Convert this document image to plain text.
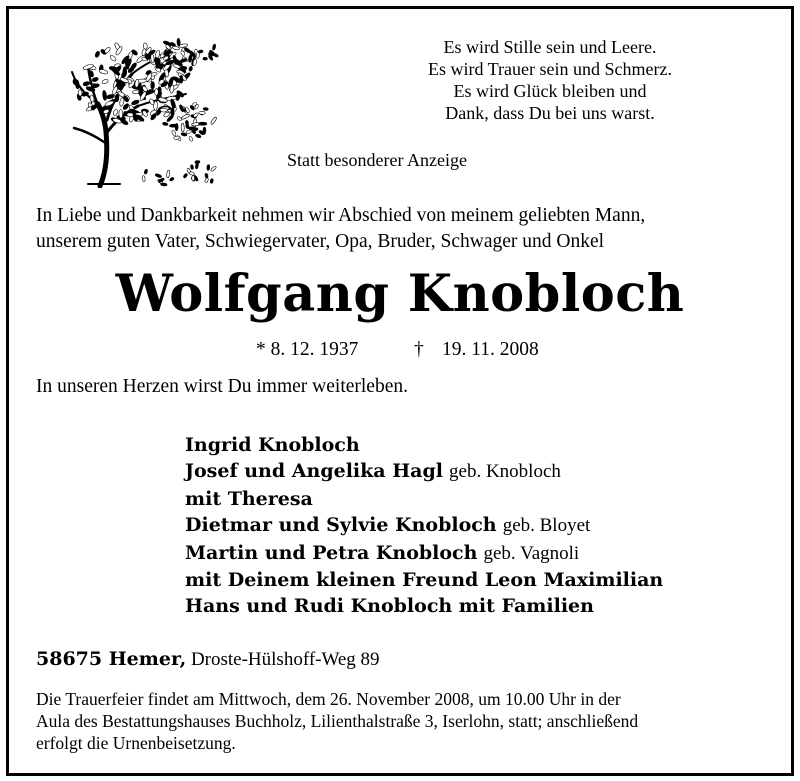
Es wird Stille sein und Leere.
Es wird Trauer sein und Schmerz.
Es wird Glück bleiben und
Dank, dass Du bei uns warst.
Statt besonderer Anzeige
In Liebe und Dankbarkeit nehmen wir Abschied von meinem geliebten Mann,
unserem guten Vater, Schwiegervater, Opa, Bruder, Schwager und Onkel
Wolfgang Knobloch
* 8. 12. 1937	† 19. 11. 2008
In unseren Herzen wirst Du immer weiterleben.
Ingrid Knobloch
Josef und Angelika Hagl geb. Knobloch
mit Theresa
Dietmar und Sylvie Knobloch geb. Bloyet
Martin und Petra Knobloch geb. Vagnoli
mit Deinem kleinen Freund Leon Maximilian
Hans und Rudi Knobloch mit Familien
58675 Hemer, Droste-Hülshoff-Weg 89
Die Trauerfeier findet am Mittwoch, dem 26. November 2008, um 10.00 Uhr in der
Aula des Bestattungshauses Buchholz, Lilienthalstraße 3, Iserlohn, statt; anschließend
erfolgt die Urnenbeisetzung.
